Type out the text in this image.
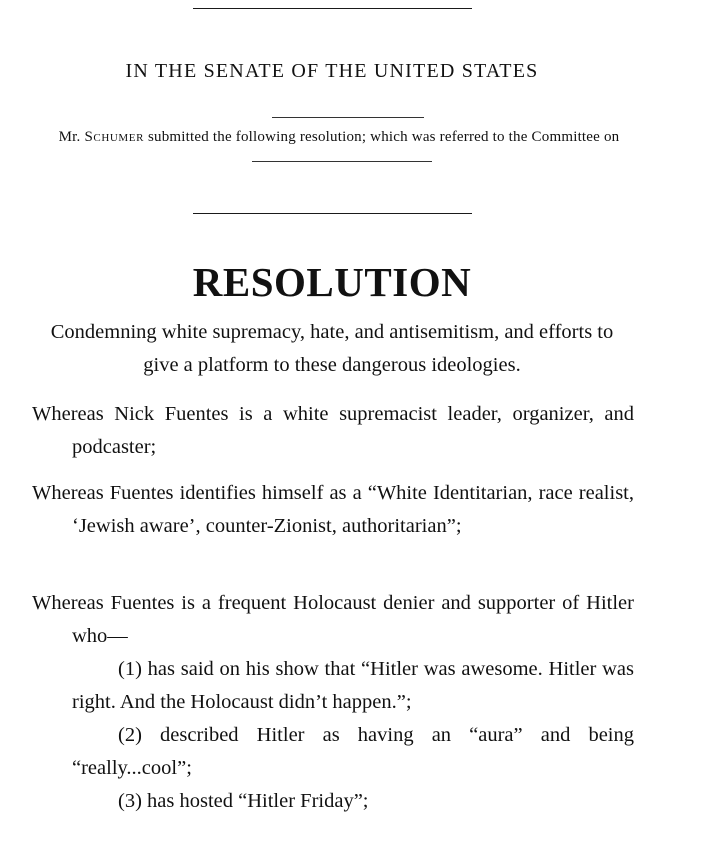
IN THE SENATE OF THE UNITED STATES
Mr. Schumer submitted the following resolution; which was referred to the Committee on
RESOLUTION
Condemning white supremacy, hate, and antisemitism, and efforts to give a platform to these dangerous ideologies.
Whereas Nick Fuentes is a white supremacist leader, organizer, and podcaster;
Whereas Fuentes identifies himself as a “White Identitarian, race realist, ‘Jewish aware’, counter-Zionist, authoritarian”;
Whereas Fuentes is a frequent Holocaust denier and supporter of Hitler who—
(1) has said on his show that “Hitler was awesome. Hitler was right. And the Holocaust didn’t happen.”;
(2) described Hitler as having an “aura” and being “really...cool”;
(3) has hosted “Hitler Friday”;
